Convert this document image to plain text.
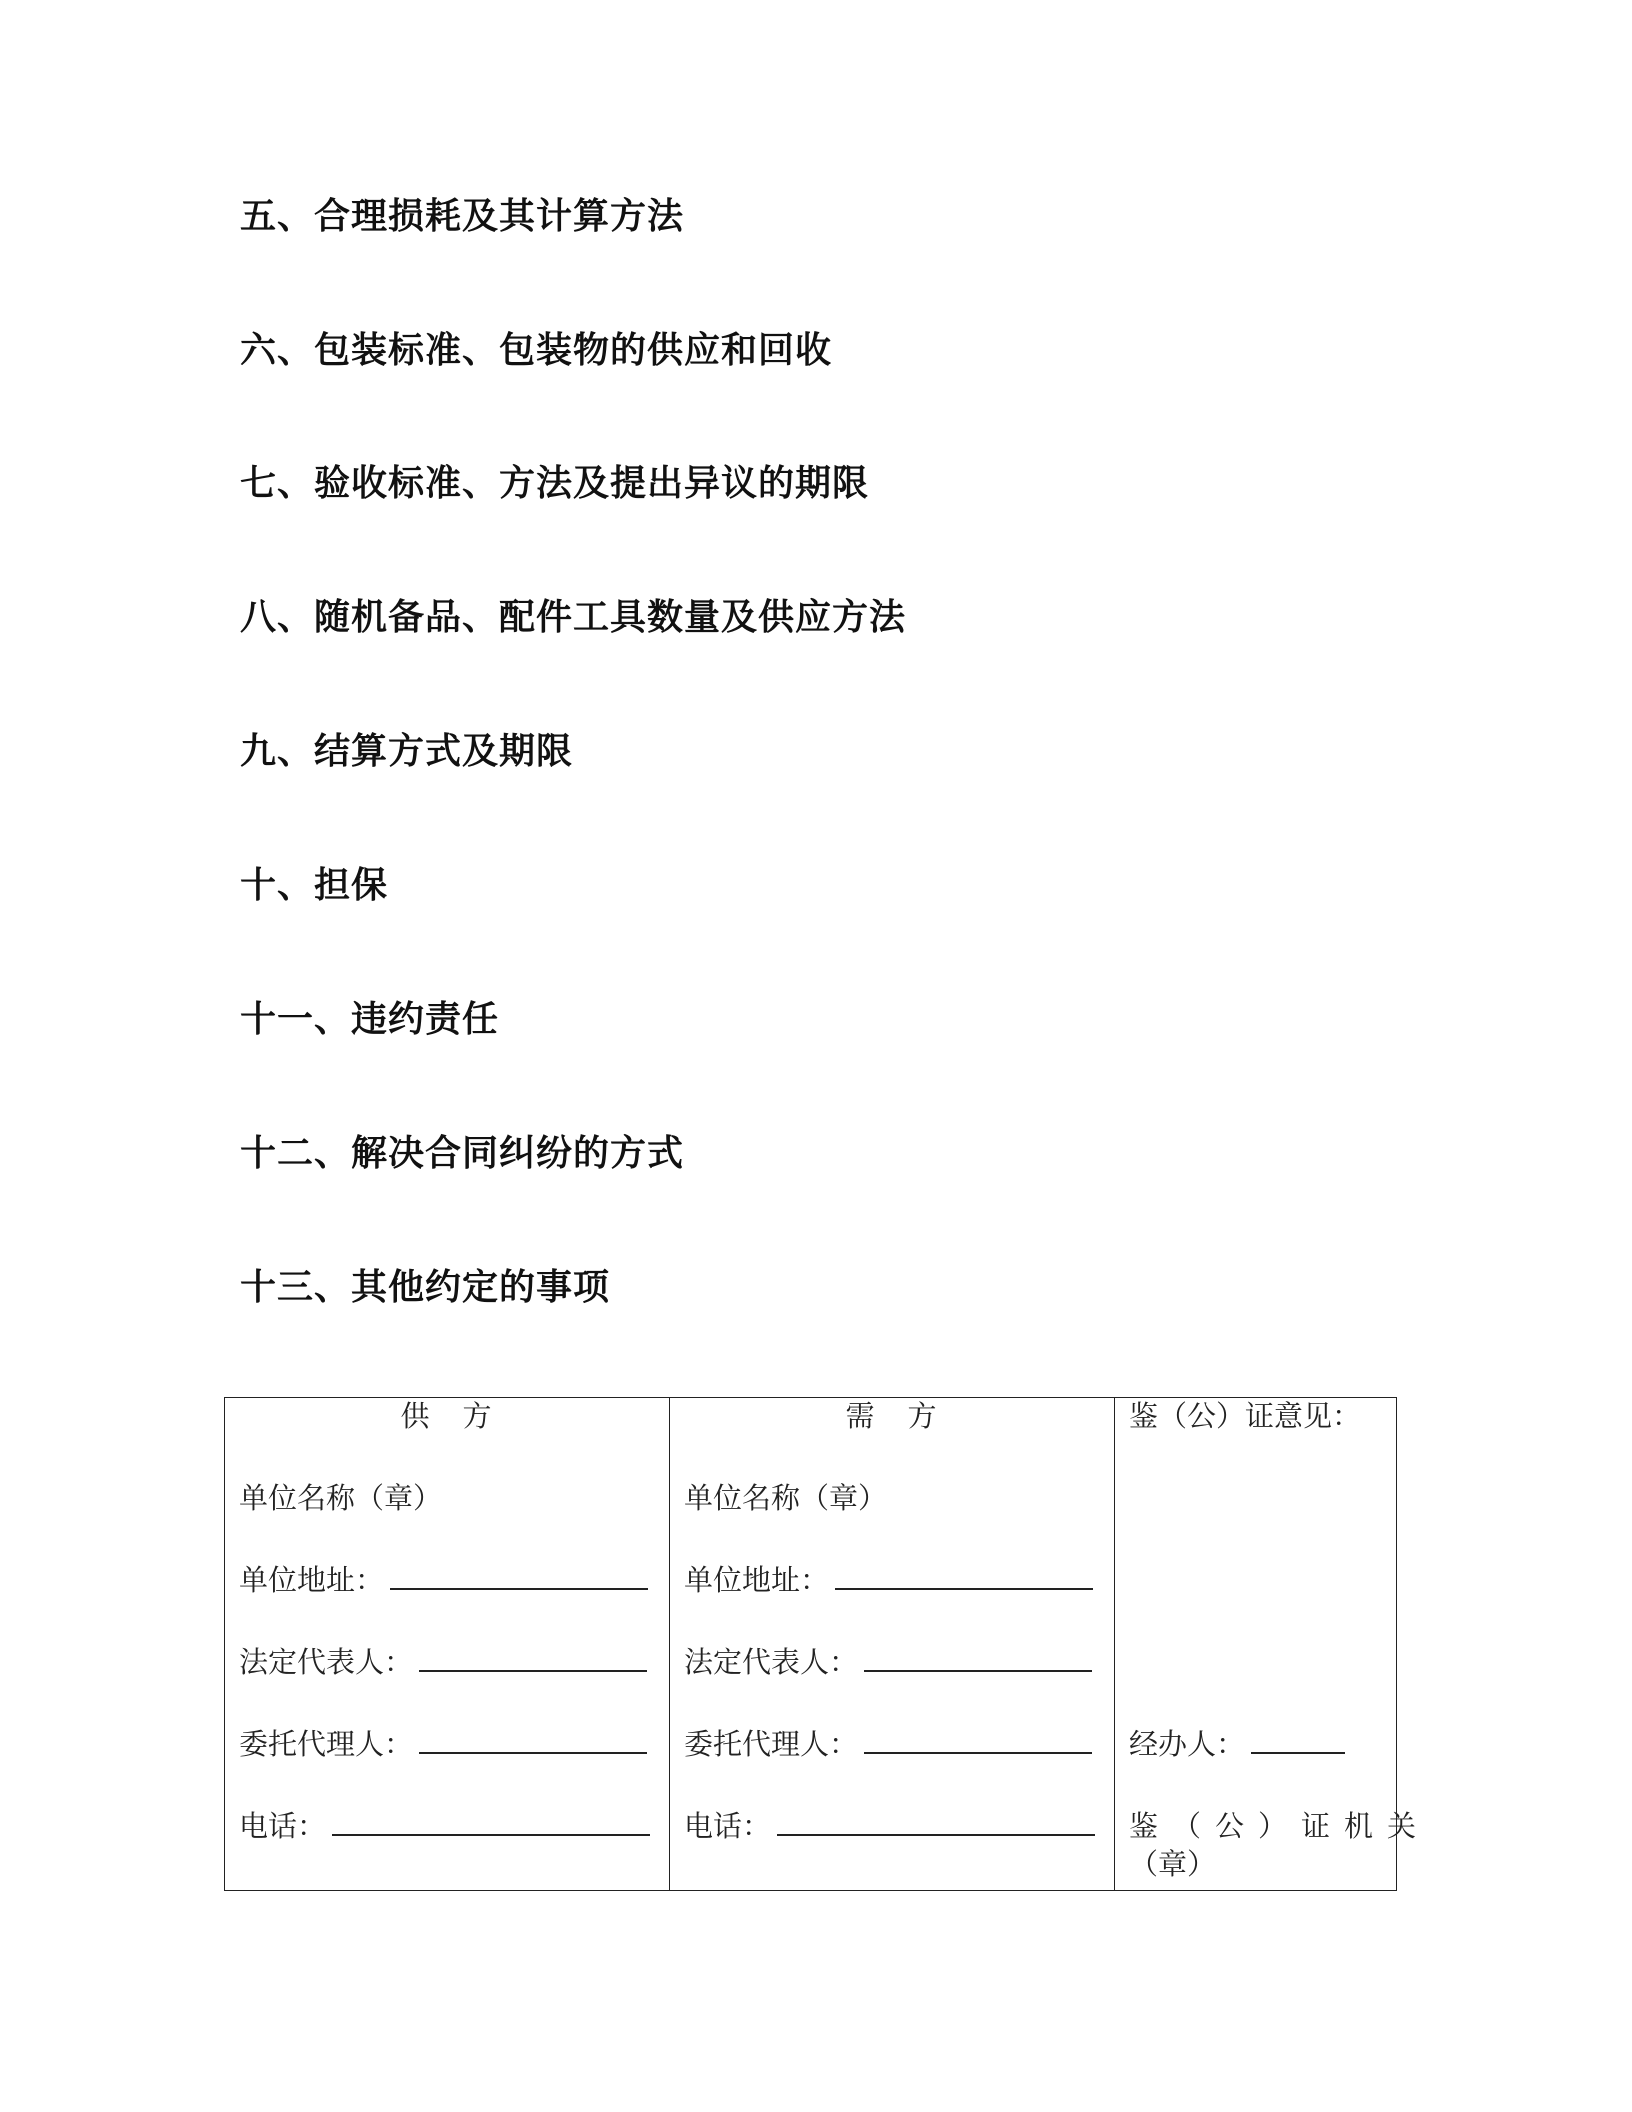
五、合理损耗及其计算方法
六、包装标准、包装物的供应和回收
七、验收标准、方法及提出异议的期限
八、随机备品、配件工具数量及供应方法
九、结算方式及期限
十、担保
十一、违约责任
十二、解决合同纠纷的方式
十三、其他约定的事项
供　方
单位名称（章）
单位地址：
法定代表人：
委托代理人：
电话：

需　方
单位名称（章）
单位地址：
法定代表人：
委托代理人：
电话：

鉴（公）证意见：
经办人：
鉴（公）证机关
（章）
